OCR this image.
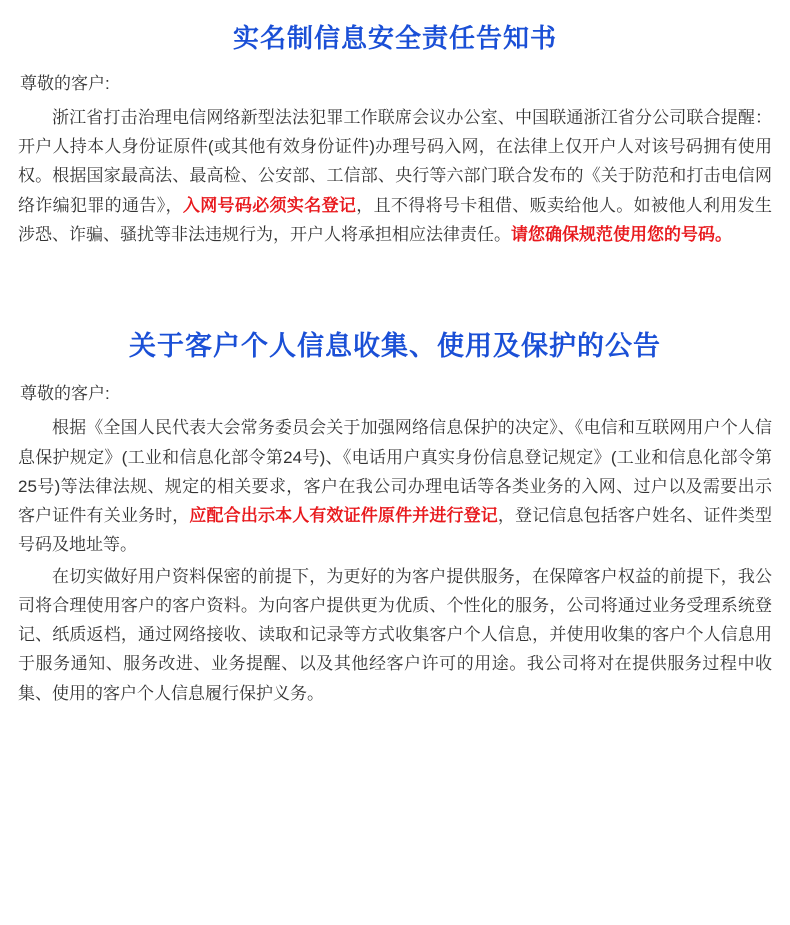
实名制信息安全责任告知书

尊敬的客户:

浙江省打击治理电信网络新型法法犯罪工作联席会议办公室、中国联通浙江省分公司联合提醒：开户人持本人身份证原件(或其他有效身份证件)办理号码入网，在法律上仅开户人对该号码拥有使用权。根据国家最高法、最高检、公安部、工信部、央行等六部门联合发布的《关于防范和打击电信网络诈编犯罪的通告》，入网号码必须实名登记，且不得将号卡租借、贩卖给他人。如被他人利用发生涉恐、诈骗、骚扰等非法违规行为，开户人将承担相应法律责任。请您确保规范使用您的号码。

关于客户个人信息收集、使用及保护的公告

尊敬的客户:

根据《全国人民代表大会常务委员会关于加强网络信息保护的决定》、《电信和互联网用户个人信息保护规定》(工业和信息化部令第24号)、《电话用户真实身份信息登记规定》(工业和信息化部令第25号)等法律法规、规定的相关要求，客户在我公司办理电话等各类业务的入网、过户以及需要出示客户证件有关业务时，应配合出示本人有效证件原件并进行登记，登记信息包括客户姓名、证件类型号码及地址等。

在切实做好用户资料保密的前提下，为更好的为客户提供服务，在保障客户权益的前提下，我公司将合理使用客户的客户资料。为向客户提供更为优质、个性化的服务，公司将通过业务受理系统登记、纸质返档，通过网络接收、读取和记录等方式收集客户个人信息，并使用收集的客户个人信息用于服务通知、服务改进、业务提醒、以及其他经客户许可的用途。我公司将对在提供服务过程中收集、使用的客户个人信息履行保护义务。
